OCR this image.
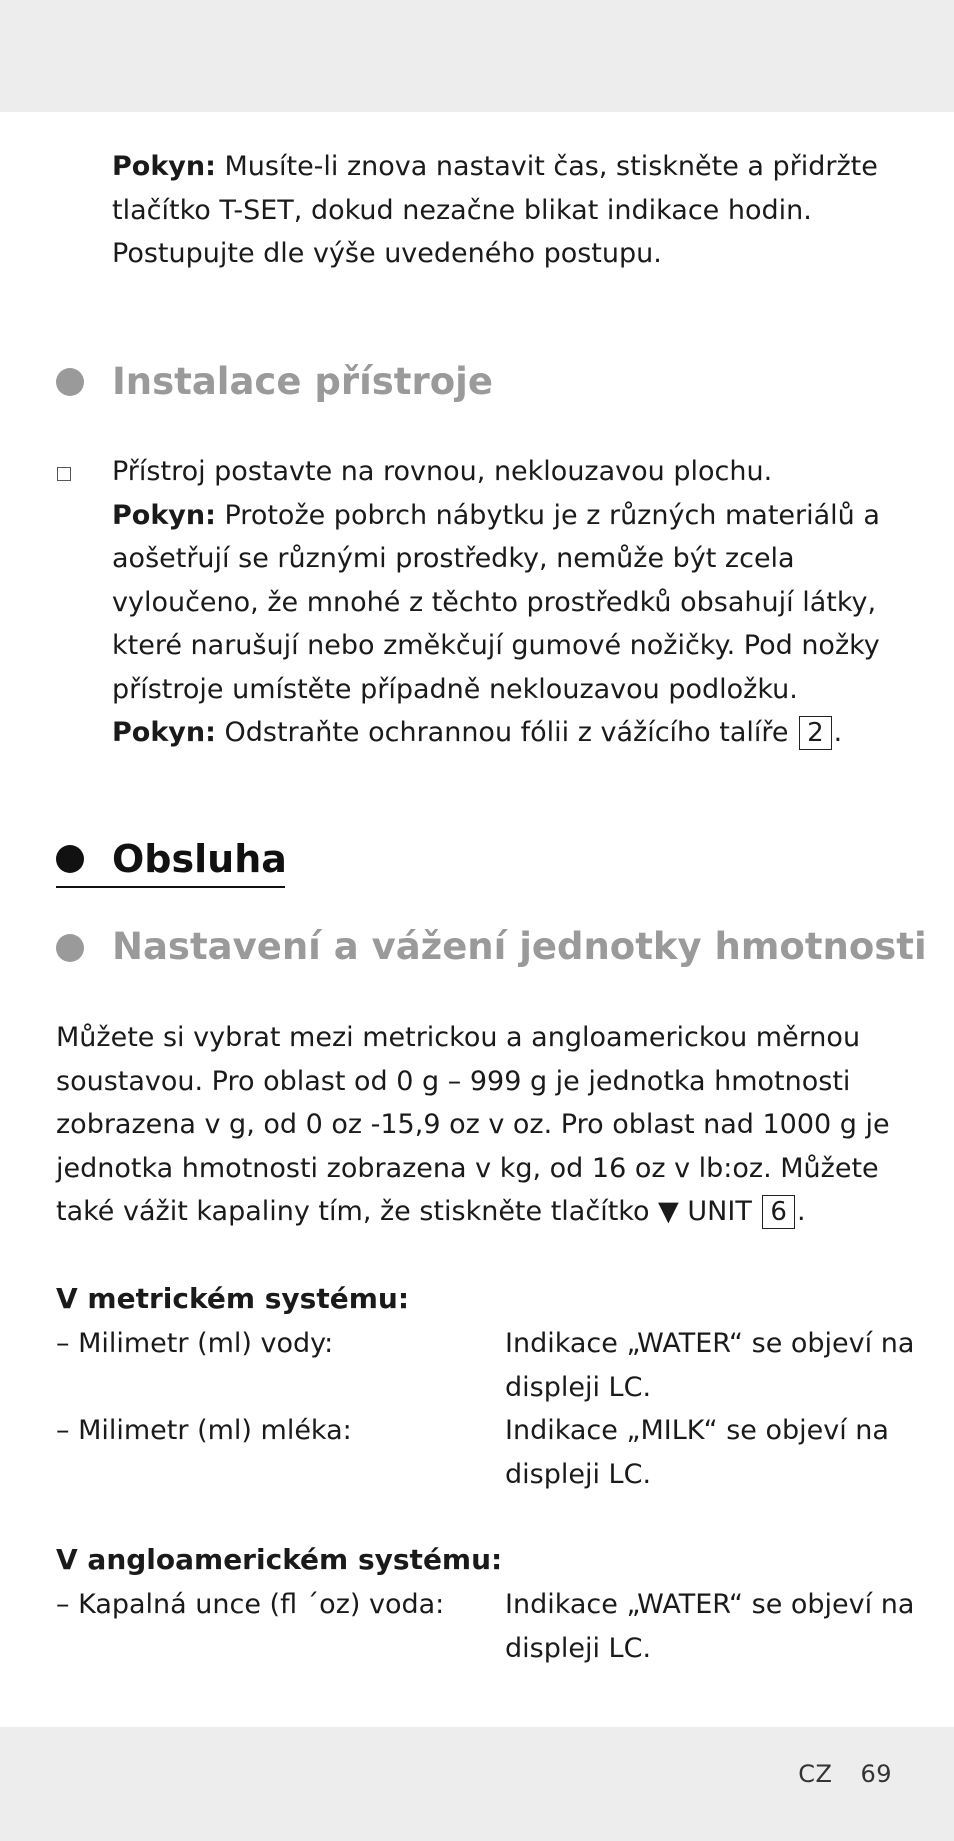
Pokyn: Musíte-li znova nastavit čas, stiskněte a přidržte tlačítko T-SET, dokud nezačne blikat indikace hodin. Postupujte dle výše uvedeného postupu.

Instalace přístroje

Přístroj postavte na rovnou, neklouzavou plochu.
Pokyn: Protože pobrch nábytku je z různých materiálů a aošetřují se různými prostředky, nemůže být zcela vyloučeno, že mnohé z těchto prostředků obsahují látky, které narušují nebo změkčují gumové nožičky. Pod nožky přístroje umístěte případně neklouzavou podložku.
Pokyn: Odstraňte ochrannou fólii z vážícího talíře 2 .

Obsluha
Nastavení a vážení jednotky hmotnosti

Můžete si vybrat mezi metrickou a angloamerickou měrnou soustavou. Pro oblast od 0 g – 999 g je jednotka hmotnosti zobrazena v g, od 0 oz -15,9 oz v oz. Pro oblast nad 1000 g je jednotka hmotnosti zobrazena v kg, od 16 oz v lb:oz. Můžete také vážit kapaliny tím, že stiskněte tlačítko ▼ UNIT 6 .

V metrickém systému:

– Milimetr (ml) vody:	Indikace „WATER“ se objeví na displeji LC.

– Milimetr (ml) mléka:	Indikace „MILK“ se objeví na displeji LC.

V angloamerickém systému:

– Kapalná unce (fl ´oz) voda:	Indikace „WATER“ se objeví na displeji LC.

CZ 69
